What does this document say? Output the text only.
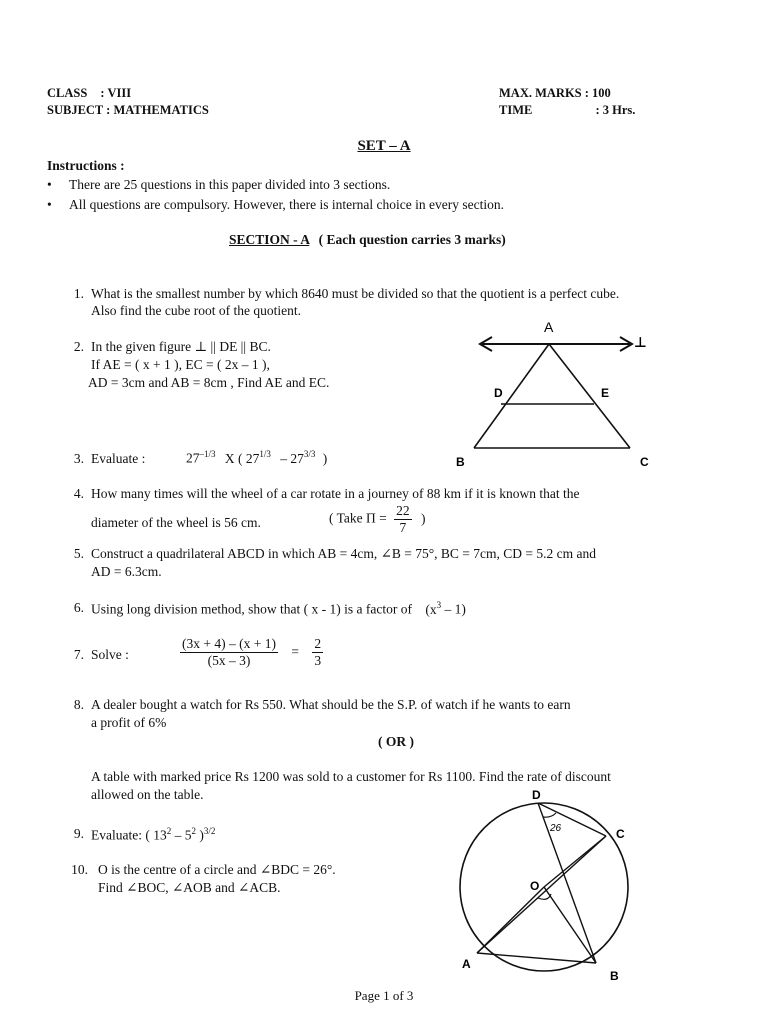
CLASS : VIII
SUBJECT : MATHEMATICS
MAX. MARKS : 100
TIME	: 3 Hrs.
SET – A
Instructions :
• There are 25 questions in this paper divided into 3 sections.
• All questions are compulsory. However, there is internal choice in every section.
SECTION - A ( Each question carries 3 marks)
1. What is the smallest number by which 8640 must be divided so that the quotient is a perfect cube.
Also find the cube root of the quotient.
2. In the given figure ⊥ || DE || BC.
If AE = ( x + 1 ), EC = ( 2x – 1 ),
AD = 3cm and AB = 8cm , Find AE and EC.
A
⊥
D	E
B	C
3. Evaluate :	$27^{-1/3}$ X ( $27^{1/3} - 27^{3/3}$ )
4. How many times will the wheel of a car rotate in a journey of 88 km if it is known that the
diameter of the wheel is 56 cm.	( Take $\Pi = \frac{22}{7}$ )
5. Construct a quadrilateral ABCD in which AB = 4cm, ∠B = 75°, BC = 7cm, CD = 5.2 cm and
AD = 6.3cm.
6. Using long division method, show that ( x - 1) is a factor of $(x^3 - 1)$
7. Solve :	$\frac{(3x + 4) - (x + 1)}{(5x - 3)} = \frac{2}{3}$
8. A dealer bought a watch for Rs 550. What should be the S.P. of watch if he wants to earn
a profit of 6%
( OR )
A table with marked price Rs 1200 was sold to a customer for Rs 1100. Find the rate of discount
allowed on the table.
9. Evaluate: ( $13^2 - 5^2$ )$^{3/2}$
10. O is the centre of a circle and ∠BDC = 26°.
Find ∠BOC, ∠AOB and ∠ACB.
26
D
C
O
A
B
Page 1 of 3
